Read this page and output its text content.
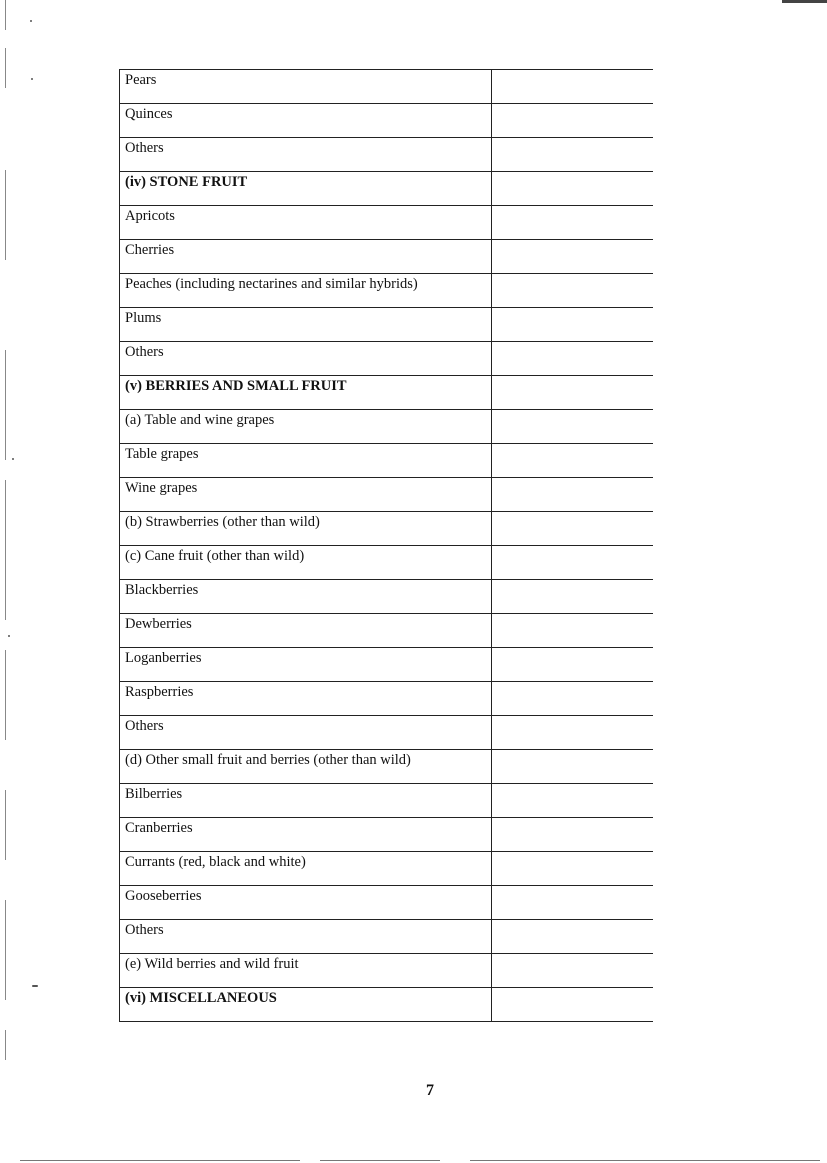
Pears	
Quinces	
Others	
(iv) STONE FRUIT	
Apricots	
Cherries	
Peaches (including nectarines and similar hybrids)	
Plums	
Others	
(v) BERRIES AND SMALL FRUIT	
(a) Table and wine grapes	
Table grapes	
Wine grapes	
(b) Strawberries (other than wild)	
(c) Cane fruit (other than wild)	
Blackberries	
Dewberries	
Loganberries	
Raspberries	
Others	
(d) Other small fruit and berries (other than wild)	
Bilberries	
Cranberries	
Currants (red, black and white)	
Gooseberries	
Others	
(e) Wild berries and wild fruit	
(vi) MISCELLANEOUS	
7
